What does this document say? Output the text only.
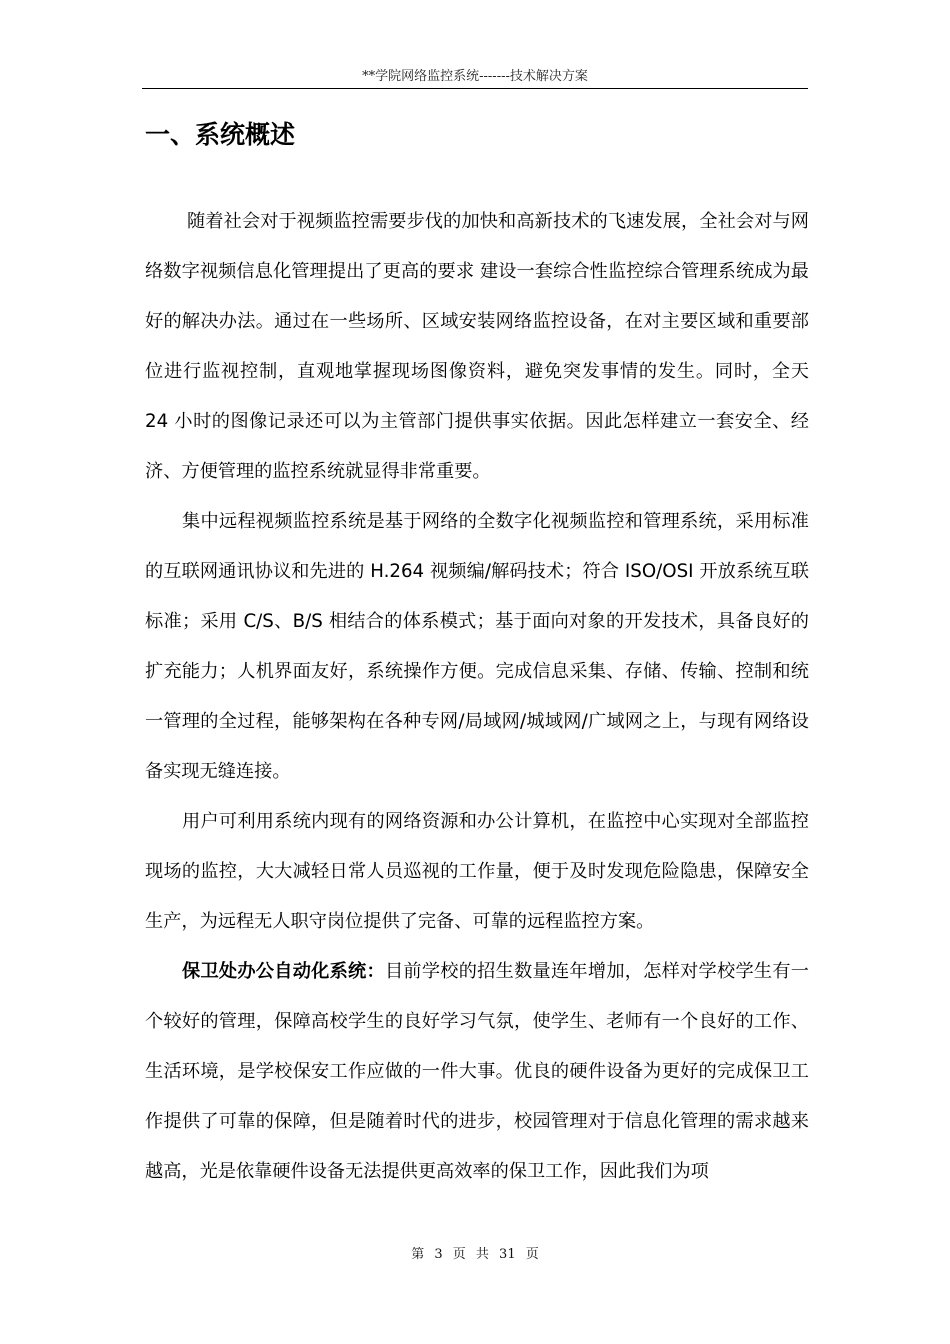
**学院网络监控系统-------技术解决方案
一、系统概述

随着社会对于视频监控需要步伐的加快和高新技术的飞速发展，全社会对与网络数字视频信息化管理提出了更高的要求 建设一套综合性监控综合管理系统成为最好的解决办法。通过在一些场所、区域安装网络监控设备，在对主要区域和重要部位进行监视控制，直观地掌握现场图像资料，避免突发事情的发生。同时，全天 24 小时的图像记录还可以为主管部门提供事实依据。因此怎样建立一套安全、经济、方便管理的监控系统就显得非常重要。

集中远程视频监控系统是基于网络的全数字化视频监控和管理系统，采用标准的互联网通讯协议和先进的 H.264 视频编/解码技术；符合 ISO/OSI 开放系统互联标准；采用 C/S、B/S 相结合的体系模式；基于面向对象的开发技术，具备良好的扩充能力；人机界面友好，系统操作方便。完成信息采集、存储、传输、控制和统一管理的全过程，能够架构在各种专网/局域网/城域网/广域网之上，与现有网络设备实现无缝连接。

用户可利用系统内现有的网络资源和办公计算机，在监控中心实现对全部监控现场的监控，大大减轻日常人员巡视的工作量，便于及时发现危险隐患，保障安全生产，为远程无人职守岗位提供了完备、可靠的远程监控方案。

保卫处办公自动化系统：目前学校的招生数量连年增加，怎样对学校学生有一个较好的管理，保障高校学生的良好学习气氛，使学生、老师有一个良好的工作、生活环境，是学校保安工作应做的一件大事。优良的硬件设备为更好的完成保卫工作提供了可靠的保障，但是随着时代的进步，校园管理对于信息化管理的需求越来越高，光是依靠硬件设备无法提供更高效率的保卫工作，因此我们为项

第 3 页 共 31 页
